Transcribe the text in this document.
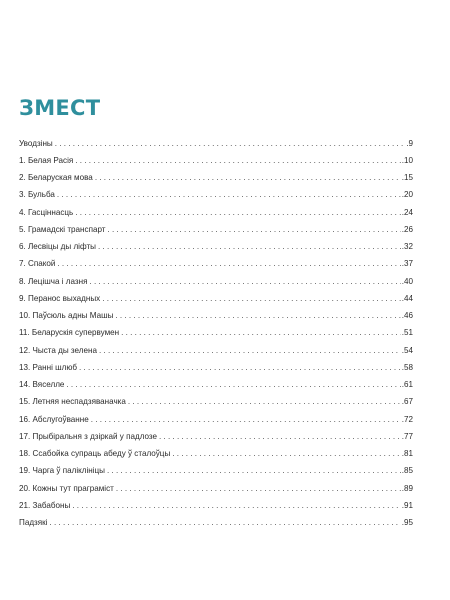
ЗМЕСТ
Уводзіны . . .	.9
1. Белая Расія . . .	.10
2. Беларуская мова . . .	.15
3. Бульба . . .	.20
4. Гасціннасць . . .	.24
5. Грамадскі транспарт . . .	.26
6. Лесвіцы ды ліфты . . .	.32
7. Спакой . . .	.37
8. Лецішча і лазня . . .	.40
9. Перанос выхадных . . .	.44
10. Паўсюль адны Машы . . .	.46
11. Беларускія супервумен . . .	.51
12. Чыста ды зелена . . .	.54
13. Ранні шлюб . . .	.58
14. Вяселле . . .	.61
15. Летняя неспадзяваначка . . .	.67
16. Абслугоўванне . . .	.72
17. Прыбіральня з дзіркай у падлозе . . .	.77
18. Ссабойка супраць абеду ў сталоўцы . . .	.81
19. Чарга ў паліклініцы . . .	.85
20. Кожны тут праграміст . . .	.89
21. Забабоны . . .	.91
Падзякі . . .	.95
